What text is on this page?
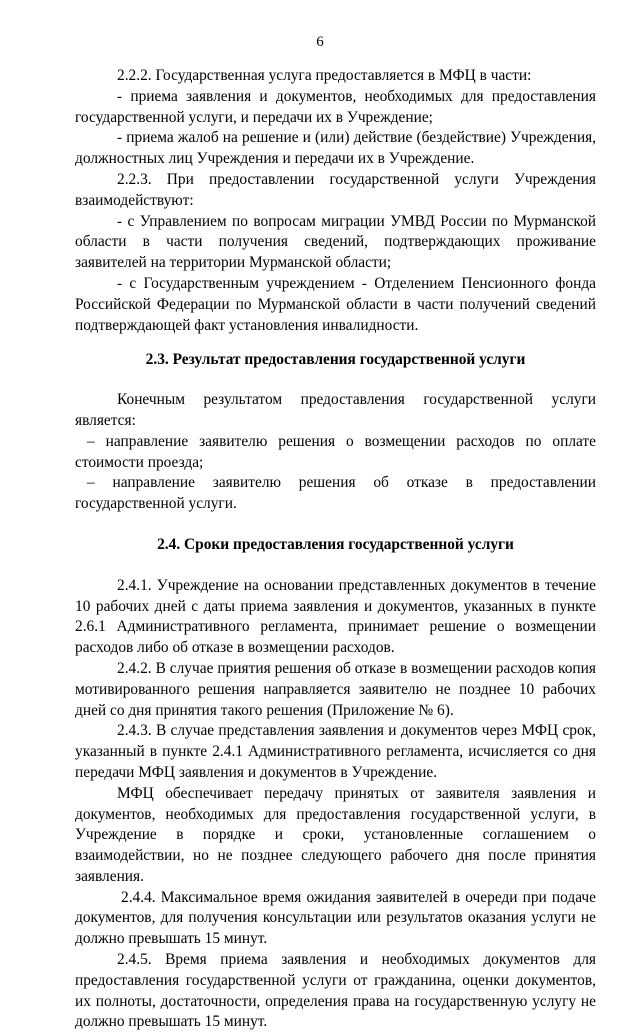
6

2.2.2. Государственная услуга предоставляется в МФЦ в части:

- приема заявления и документов, необходимых для предоставления государственной услуги, и передачи их в Учреждение;

- приема жалоб на решение и (или) действие (бездействие) Учреждения, должностных лиц Учреждения и передачи их в Учреждение.

2.2.3. При предоставлении государственной услуги Учреждения взаимодействуют:

- с Управлением по вопросам миграции УМВД России по Мурманской области в части получения сведений, подтверждающих проживание заявителей на территории Мурманской области;

- с Государственным учреждением - Отделением Пенсионного фонда Российской Федерации по Мурманской области в части получений сведений подтверждающей факт установления инвалидности.

2.3. Результат предоставления государственной услуги

Конечным результатом предоставления государственной услуги является:

– направление заявителю решения о возмещении расходов по оплате стоимости проезда;

– направление заявителю решения об отказе в предоставлении государственной услуги.

2.4. Сроки предоставления государственной услуги

2.4.1. Учреждение на основании представленных документов в течение 10 рабочих дней с даты приема заявления и документов, указанных в пункте 2.6.1 Административного регламента, принимает решение о возмещении расходов либо об отказе в возмещении расходов.

2.4.2. В случае приятия решения об отказе в возмещении расходов копия мотивированного решения направляется заявителю не позднее 10 рабочих дней со дня принятия такого решения (Приложение № 6).

2.4.3. В случае представления заявления и документов через МФЦ срок, указанный в пункте 2.4.1 Административного регламента, исчисляется со дня передачи МФЦ заявления и документов в Учреждение.

МФЦ обеспечивает передачу принятых от заявителя заявления и документов, необходимых для предоставления государственной услуги, в Учреждение в порядке и сроки, установленные соглашением о взаимодействии, но не позднее следующего рабочего дня после принятия заявления.

2.4.4. Максимальное время ожидания заявителей в очереди при подаче документов, для получения консультации или результатов оказания услуги не должно превышать 15 минут.

2.4.5. Время приема заявления и необходимых документов для предоставления государственной услуги от гражданина, оценки документов, их полноты, достаточности, определения права на государственную услугу не должно превышать 15 минут.
